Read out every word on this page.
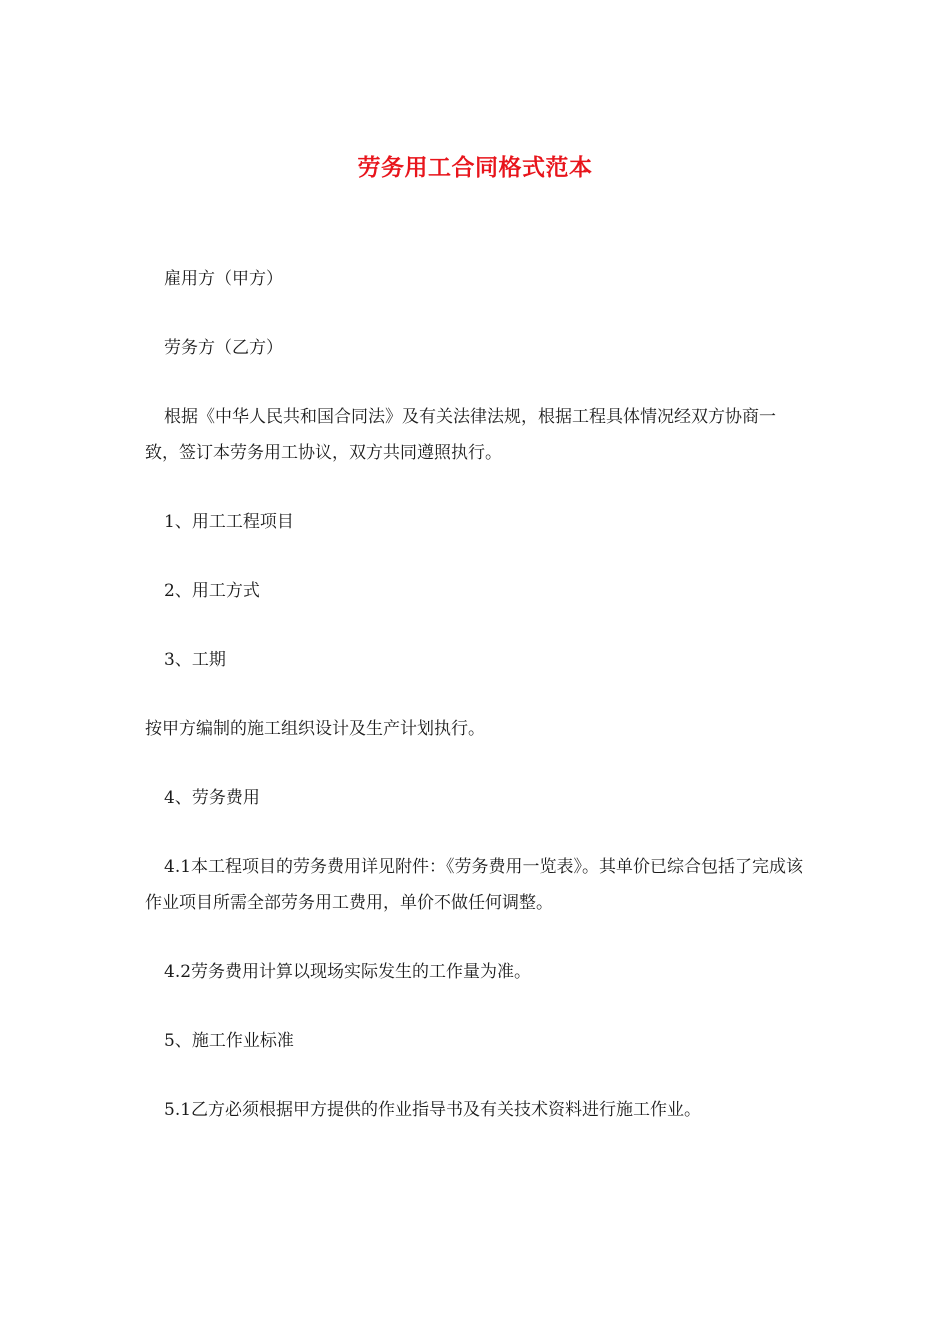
劳务用工合同格式范本

雇用方（甲方）

劳务方（乙方）

根据《中华人民共和国合同法》及有关法律法规，根据工程具体情况经双方协商一致，签订本劳务用工协议，双方共同遵照执行。

1、用工工程项目

2、用工方式

3、工期

按甲方编制的施工组织设计及生产计划执行。

4、劳务费用

4.1本工程项目的劳务费用详见附件：《劳务费用一览表》。其单价已综合包括了完成该作业项目所需全部劳务用工费用，单价不做任何调整。

4.2劳务费用计算以现场实际发生的工作量为准。

5、施工作业标准

5.1乙方必须根据甲方提供的作业指导书及有关技术资料进行施工作业。
